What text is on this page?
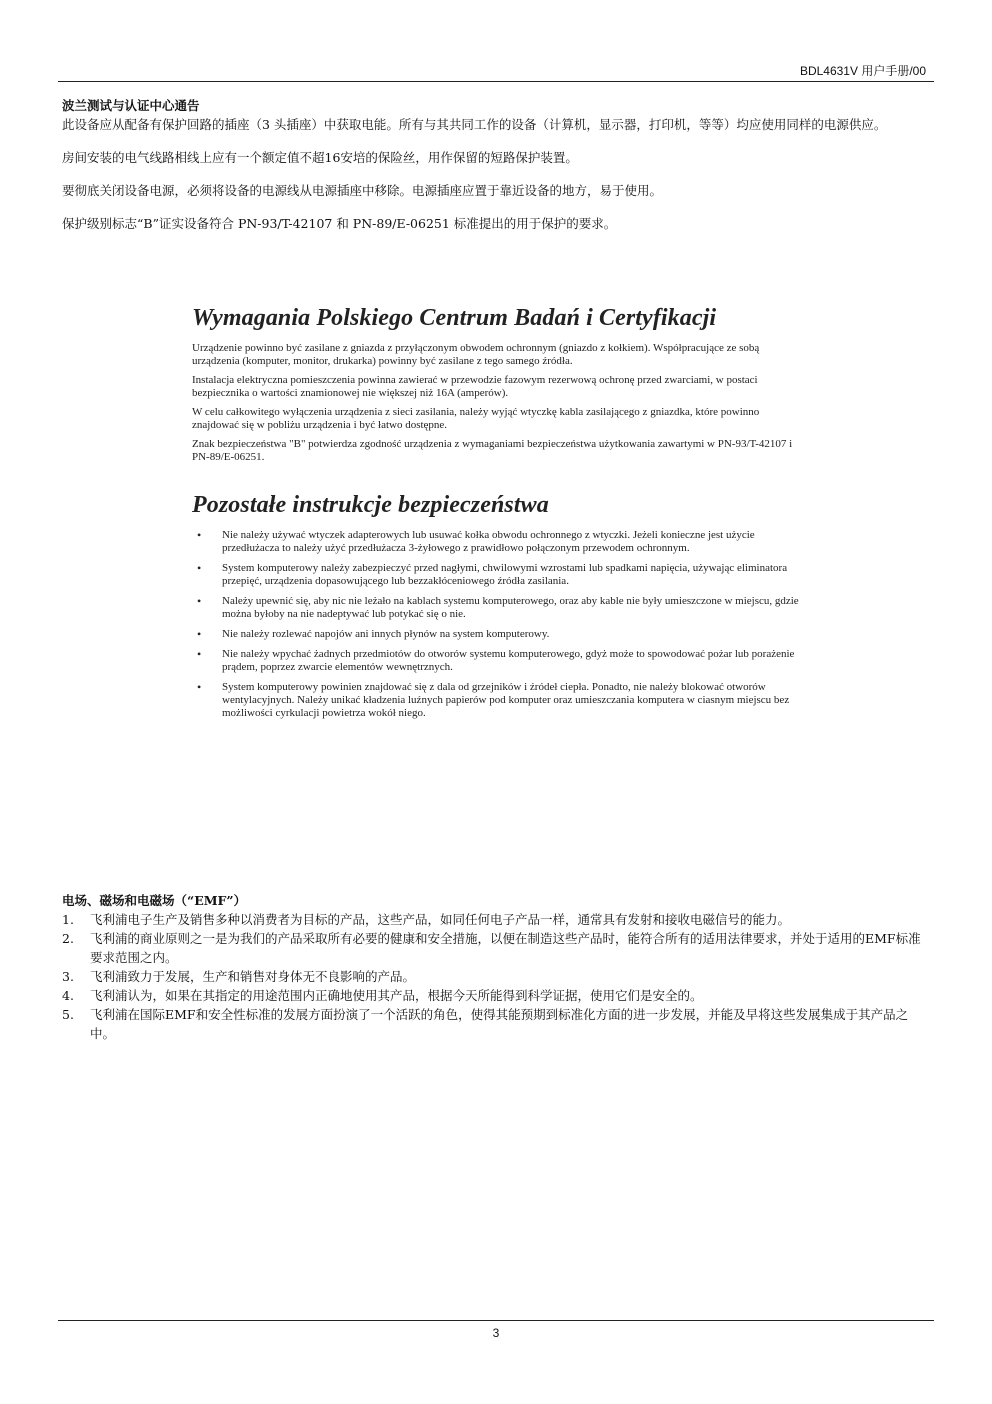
BDL4631V 用户手册/00

波兰测试与认证中心通告

此设备应从配备有保护回路的插座（3 头插座）中获取电能。所有与其共同工作的设备（计算机，显示器，打印机，等等）均应使用同样的电源供应。

房间安装的电气线路相线上应有一个额定值不超16安培的保险丝，用作保留的短路保护装置。

要彻底关闭设备电源，必须将设备的电源线从电源插座中移除。电源插座应置于靠近设备的地方，易于使用。

保护级别标志“B”证实设备符合 PN-93/T-42107 和 PN-89/E-06251 标准提出的用于保护的要求。

Wymagania Polskiego Centrum Badań i Certyfikacji

Urządzenie powinno być zasilane z gniazda z przyłączonym obwodem ochronnym (gniazdo z kołkiem). Współpracujące ze sobą urządzenia (komputer, monitor, drukarka) powinny być zasilane z tego samego źródła.

Instalacja elektryczna pomieszczenia powinna zawierać w przewodzie fazowym rezerwową ochronę przed zwarciami, w postaci bezpiecznika o wartości znamionowej nie większej niż 16A (amperów).

W celu całkowitego wyłączenia urządzenia z sieci zasilania, należy wyjąć wtyczkę kabla zasilającego z gniazdka, które powinno znajdować się w pobliżu urządzenia i być łatwo dostępne.

Znak bezpieczeństwa "B" potwierdza zgodność urządzenia z wymaganiami bezpieczeństwa użytkowania zawartymi w PN-93/T-42107 i PN-89/E-06251.

Pozostałe instrukcje bezpieczeństwa

• Nie należy używać wtyczek adapterowych lub usuwać kołka obwodu ochronnego z wtyczki. Jeżeli konieczne jest użycie przedłużacza to należy użyć przedłużacza 3-żyłowego z prawidłowo połączonym przewodem ochronnym.
• System komputerowy należy zabezpieczyć przed nagłymi, chwilowymi wzrostami lub spadkami napięcia, używając eliminatora przepięć, urządzenia dopasowującego lub bezzakłóceniowego źródła zasilania.
• Należy upewnić się, aby nic nie leżało na kablach systemu komputerowego, oraz aby kable nie były umieszczone w miejscu, gdzie można byłoby na nie nadeptywać lub potykać się o nie.
• Nie należy rozlewać napojów ani innych płynów na system komputerowy.
• Nie należy wpychać żadnych przedmiotów do otworów systemu komputerowego, gdyż może to spowodować pożar lub porażenie prądem, poprzez zwarcie elementów wewnętrznych.
• System komputerowy powinien znajdować się z dala od grzejników i źródeł ciepła. Ponadto, nie należy blokować otworów wentylacyjnych. Należy unikać kładzenia luźnych papierów pod komputer oraz umieszczania komputera w ciasnym miejscu bez możliwości cyrkulacji powietrza wokół niego.

电场、磁场和电磁场（“EMF”）

1. 飞利浦电子生产及销售多种以消费者为目标的产品，这些产品，如同任何电子产品一样，通常具有发射和接收电磁信号的能力。
2. 飞利浦的商业原则之一是为我们的产品采取所有必要的健康和安全措施，以便在制造这些产品时，能符合所有的适用法律要求，并处于适用的EMF标准要求范围之内。
3. 飞利浦致力于发展，生产和销售对身体无不良影响的产品。
4. 飞利浦认为，如果在其指定的用途范围内正确地使用其产品，根据今天所能得到科学证据，使用它们是安全的。
5. 飞利浦在国际EMF和安全性标准的发展方面扮演了一个活跃的角色，使得其能预期到标准化方面的进一步发展，并能及早将这些发展集成于其产品之中。
3
